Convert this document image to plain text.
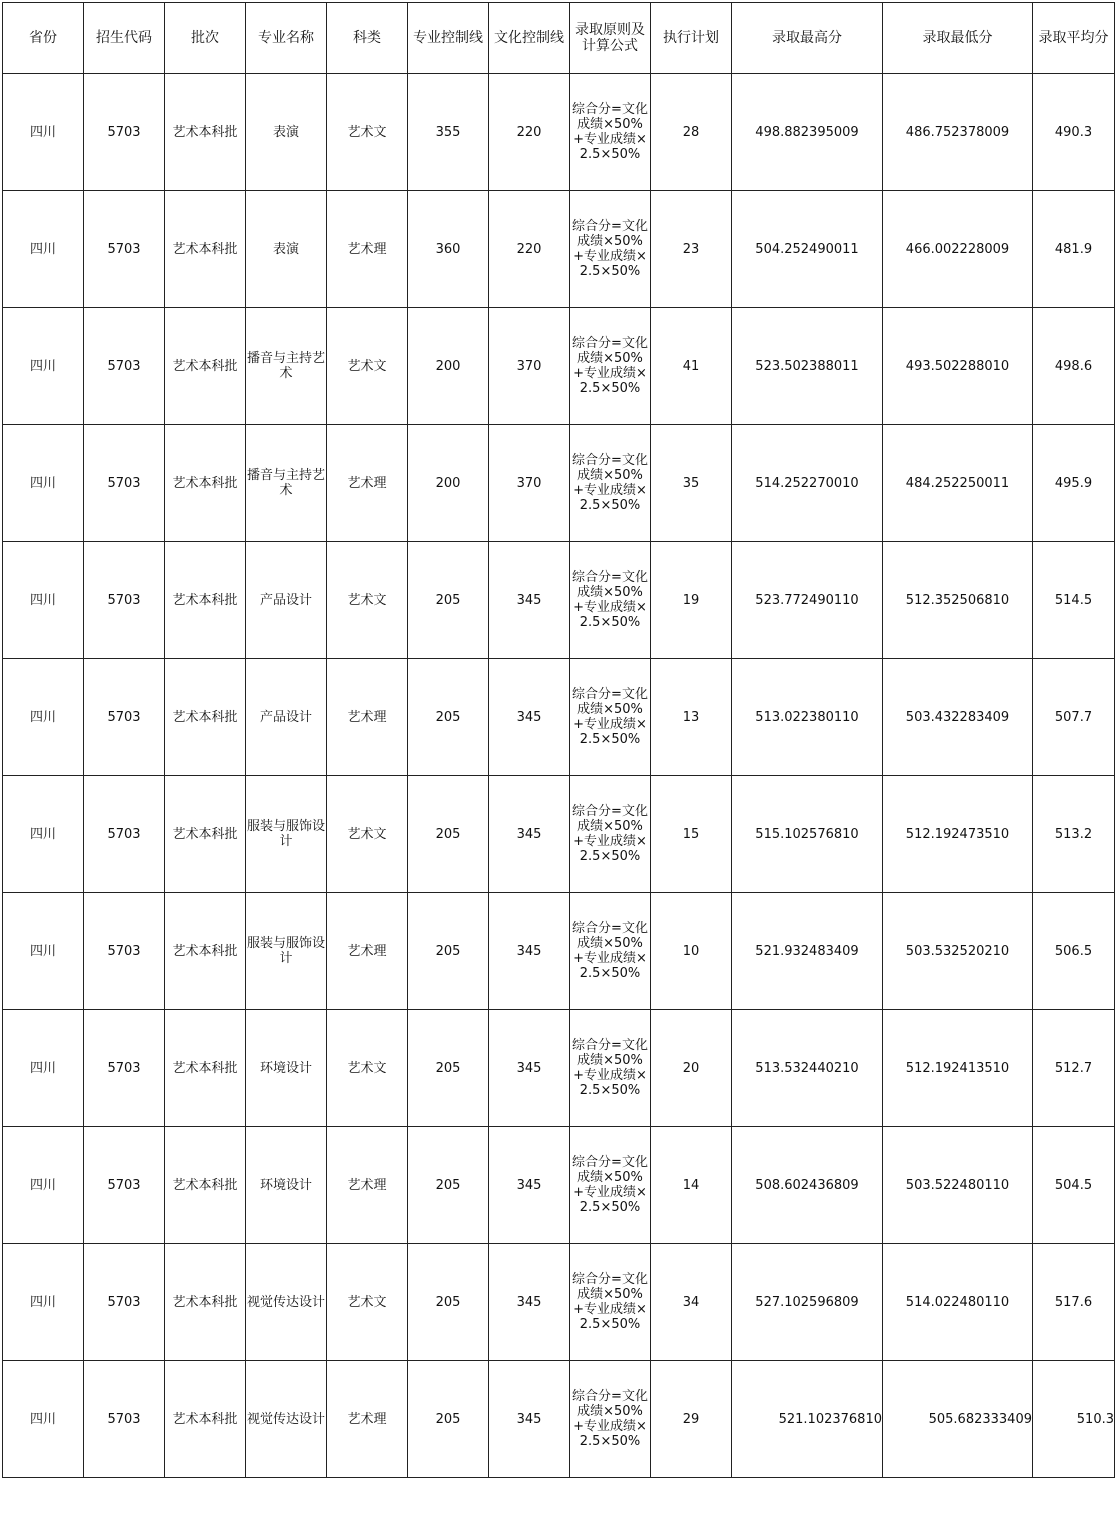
省份	招生代码	批次	专业名称	科类	专业控制线	文化控制线	录取原则及计算公式	执行计划	录取最高分	录取最低分	录取平均分
四川	5703	艺术本科批	表演	艺术文	355	220	综合分=文化成绩×50%+专业成绩×2.5×50%	28	498.882395009	486.752378009	490.3
四川	5703	艺术本科批	表演	艺术理	360	220	综合分=文化成绩×50%+专业成绩×2.5×50%	23	504.252490011	466.002228009	481.9
四川	5703	艺术本科批	播音与主持艺术	艺术文	200	370	综合分=文化成绩×50%+专业成绩×2.5×50%	41	523.502388011	493.502288010	498.6
四川	5703	艺术本科批	播音与主持艺术	艺术理	200	370	综合分=文化成绩×50%+专业成绩×2.5×50%	35	514.252270010	484.252250011	495.9
四川	5703	艺术本科批	产品设计	艺术文	205	345	综合分=文化成绩×50%+专业成绩×2.5×50%	19	523.772490110	512.352506810	514.5
四川	5703	艺术本科批	产品设计	艺术理	205	345	综合分=文化成绩×50%+专业成绩×2.5×50%	13	513.022380110	503.432283409	507.7
四川	5703	艺术本科批	服装与服饰设计	艺术文	205	345	综合分=文化成绩×50%+专业成绩×2.5×50%	15	515.102576810	512.192473510	513.2
四川	5703	艺术本科批	服装与服饰设计	艺术理	205	345	综合分=文化成绩×50%+专业成绩×2.5×50%	10	521.932483409	503.532520210	506.5
四川	5703	艺术本科批	环境设计	艺术文	205	345	综合分=文化成绩×50%+专业成绩×2.5×50%	20	513.532440210	512.192413510	512.7
四川	5703	艺术本科批	环境设计	艺术理	205	345	综合分=文化成绩×50%+专业成绩×2.5×50%	14	508.602436809	503.522480110	504.5
四川	5703	艺术本科批	视觉传达设计	艺术文	205	345	综合分=文化成绩×50%+专业成绩×2.5×50%	34	527.102596809	514.022480110	517.6
四川	5703	艺术本科批	视觉传达设计	艺术理	205	345	综合分=文化成绩×50%+专业成绩×2.5×50%	29	521.102376810	505.682333409	510.3
